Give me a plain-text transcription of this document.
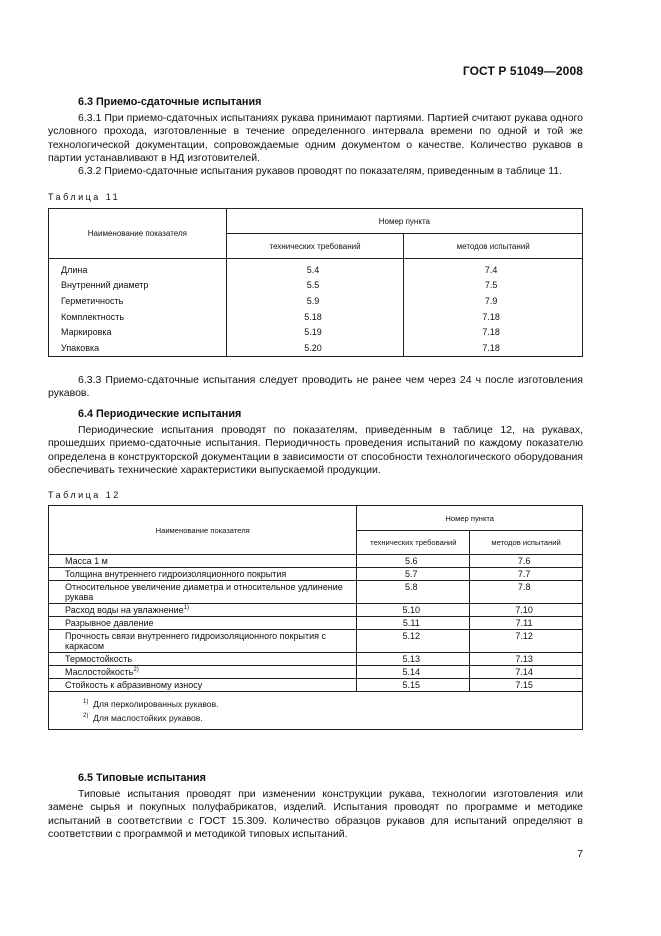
ГОСТ Р 51049—2008
6.3 Приемо-сдаточные испытания

6.3.1 При приемо-сдаточных испытаниях рукава принимают партиями. Партией считают рукава одного условного прохода, изготовленные в течение определенного интервала времени по одной и той же технологической документации, сопровождаемые одним документом о качестве. Количество рукавов в партии устанавливают в НД изготовителей.

6.3.2 Приемо-сдаточные испытания рукавов проводят по показателям, приведенным в таблице 11.

Таблица 11
Наименование показателя	Номер пункта	
	технических требований	методов испытаний
Длина	5.4	7.4
Внутренний диаметр	5.5	7.5
Герметичность	5.9	7.9
Комплектность	5.18	7.18
Маркировка	5.19	7.18
Упаковка	5.20	7.18

6.3.3 Приемо-сдаточные испытания следует проводить не ранее чем через 24 ч после изготовления рукавов.

6.4 Периодические испытания

Периодические испытания проводят по показателям, приведенным в таблице 12, на рукавах, прошедших приемо-сдаточные испытания. Периодичность проведения испытаний по каждому показателю определена в конструкторской документации в зависимости от способности технологического оборудования обеспечивать технические характеристики выпускаемой продукции.

Таблица 12
Наименование показателя	Номер пункта	
	технических требований	методов испытаний
Масса 1 м	5.6	7.6
Толщина внутреннего гидроизоляционного покрытия	5.7	7.7
Относительное увеличение диаметра и относительное удлинение рукава	5.8	7.8
Расход воды на увлажнение$^{1)}$	5.10	7.10
Разрывное давление	5.11	7.11
Прочность связи внутреннего гидроизоляционного покрытия с каркасом	5.12	7.12
Термостойкость	5.13	7.13
Маслостойкость$^{2)}$	5.14	7.14
Стойкость к абразивному износу	5.15	7.15

$^{1)}$ Для перколированных рукавов.
$^{2)}$ Для маслостойких рукавов.		
6.5 Типовые испытания

Типовые испытания проводят при изменении конструкции рукава, технологии изготовления или замене сырья и покупных полуфабрикатов, изделий. Испытания проводят по программе и методике испытаний в соответствии с ГОСТ 15.309. Количество образцов рукавов для испытаний определяют в соответствии с программой и методикой типовых испытаний.

7
